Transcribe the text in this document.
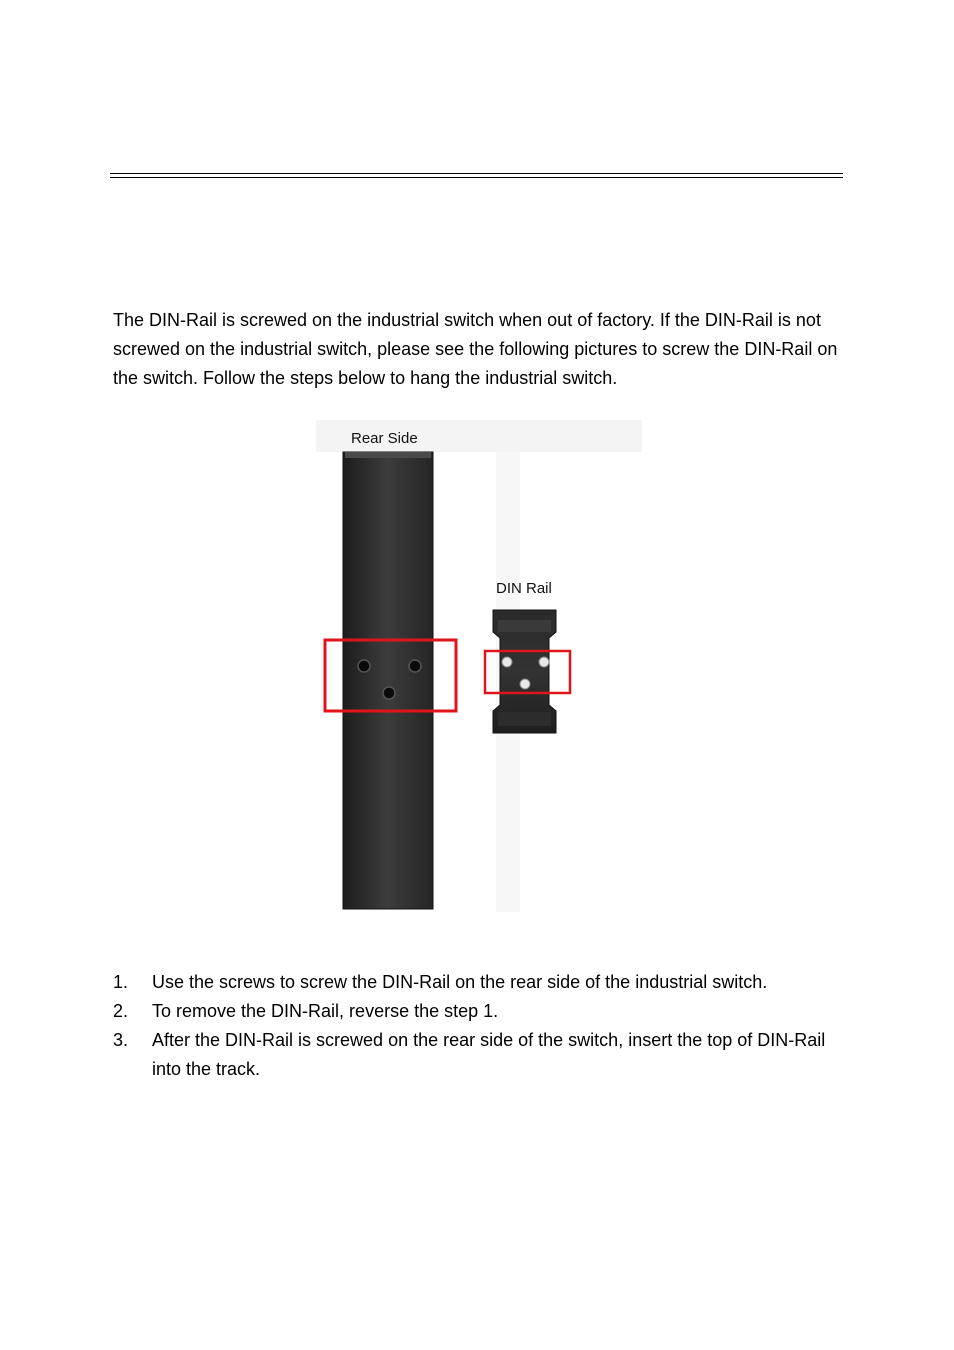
The DIN-Rail is screwed on the industrial switch when out of factory. If the DIN-Rail is not screwed on the industrial switch, please see the following pictures to screw the DIN-Rail on the switch. Follow the steps below to hang the industrial switch.

Rear Side
DIN Rail
1. Use the screws to screw the DIN-Rail on the rear side of the industrial switch.
2. To remove the DIN-Rail, reverse the step 1.
3. After the DIN-Rail is screwed on the rear side of the switch, insert the top of DIN-Rail into the track.
